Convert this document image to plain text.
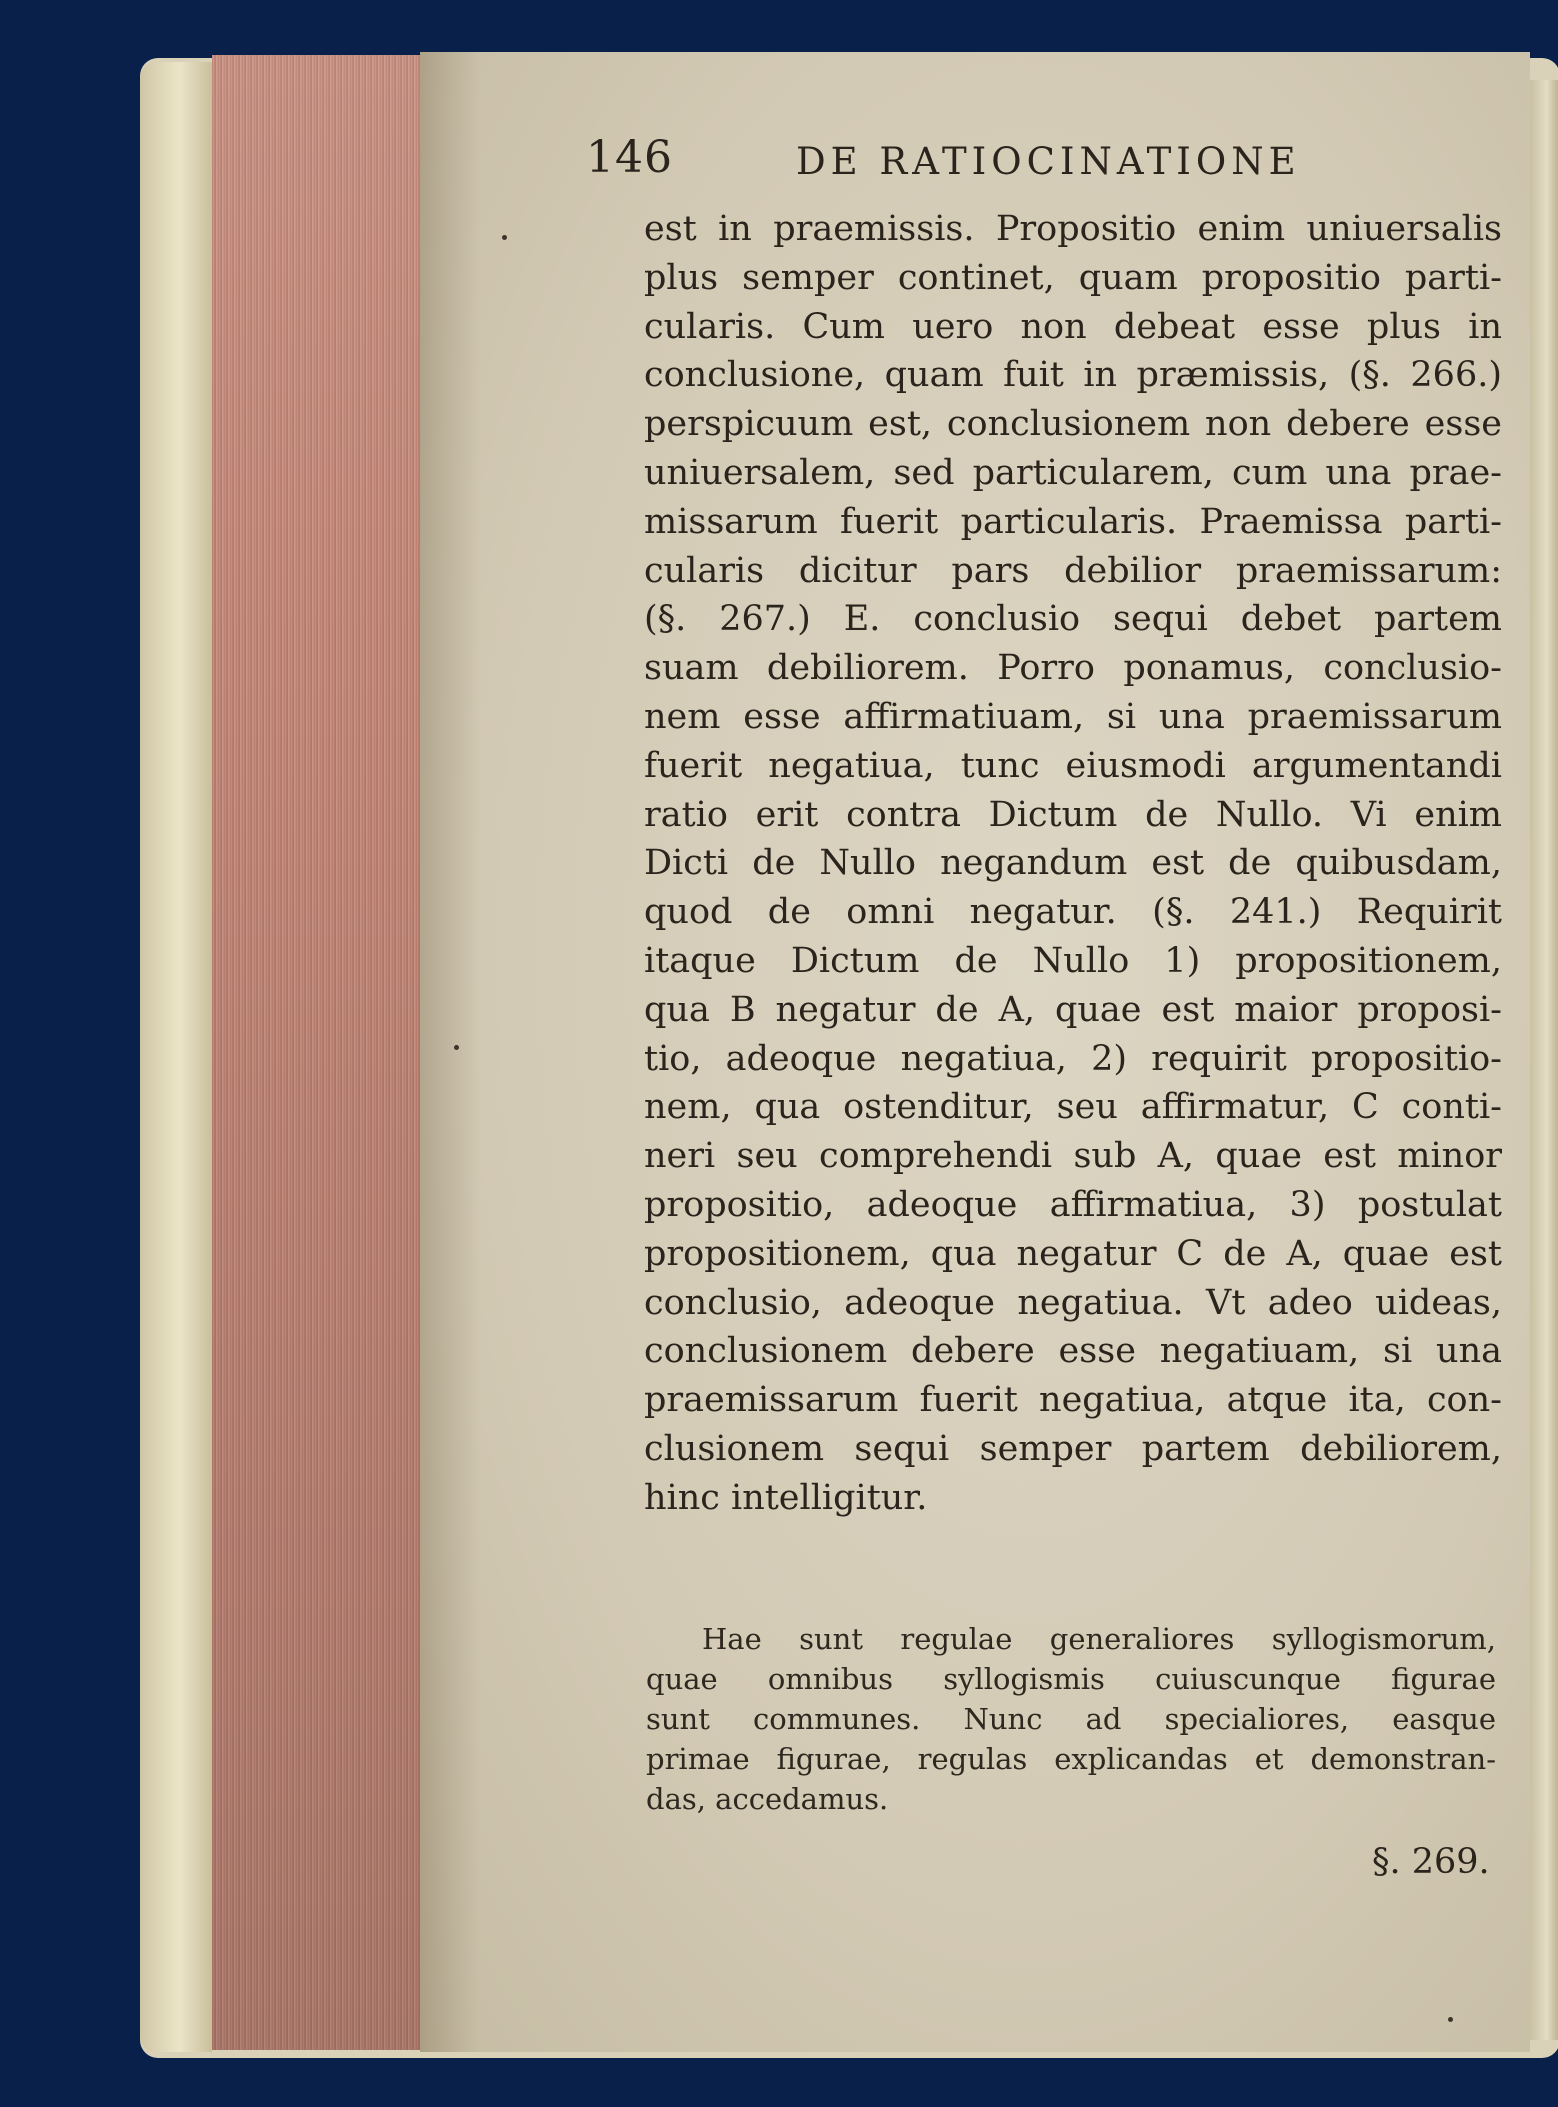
146	DE RATIOCINATIONE
est in praemissis. Propositio enim uniuersalis
plus semper continet, quam propositio parti-
cularis. Cum uero non debeat esse plus in
conclusione, quam fuit in præmissis, (§. 266.)
perspicuum est, conclusionem non debere esse
uniuersalem, sed particularem, cum una prae-
missarum fuerit particularis. Praemissa parti-
cularis dicitur pars debilior praemissarum:
(§. 267.) E. conclusio sequi debet partem
suam debiliorem. Porro ponamus, conclusio-
nem esse affirmatiuam, si una praemissarum
fuerit negatiua, tunc eiusmodi argumentandi
ratio erit contra Dictum de Nullo. Vi enim
Dicti de Nullo negandum est de quibusdam,
quod de omni negatur. (§. 241.) Requirit
itaque Dictum de Nullo 1) propositionem,
qua B negatur de A, quae est maior proposi-
tio, adeoque negatiua, 2) requirit propositio-
nem, qua ostenditur, seu affirmatur, C conti-
neri seu comprehendi sub A, quae est minor
propositio, adeoque affirmatiua, 3) postulat
propositionem, qua negatur C de A, quae est
conclusio, adeoque negatiua. Vt adeo uideas,
conclusionem debere esse negatiuam, si una
praemissarum fuerit negatiua, atque ita, con-
clusionem sequi semper partem debiliorem,
hinc intelligitur.
Hae sunt regulae generaliores syllogismorum,
quae omnibus syllogismis cuiuscunque figurae
sunt communes. Nunc ad specialiores, easque
primae figurae, regulas explicandas et demonstran-
das, accedamus.
§. 269.
